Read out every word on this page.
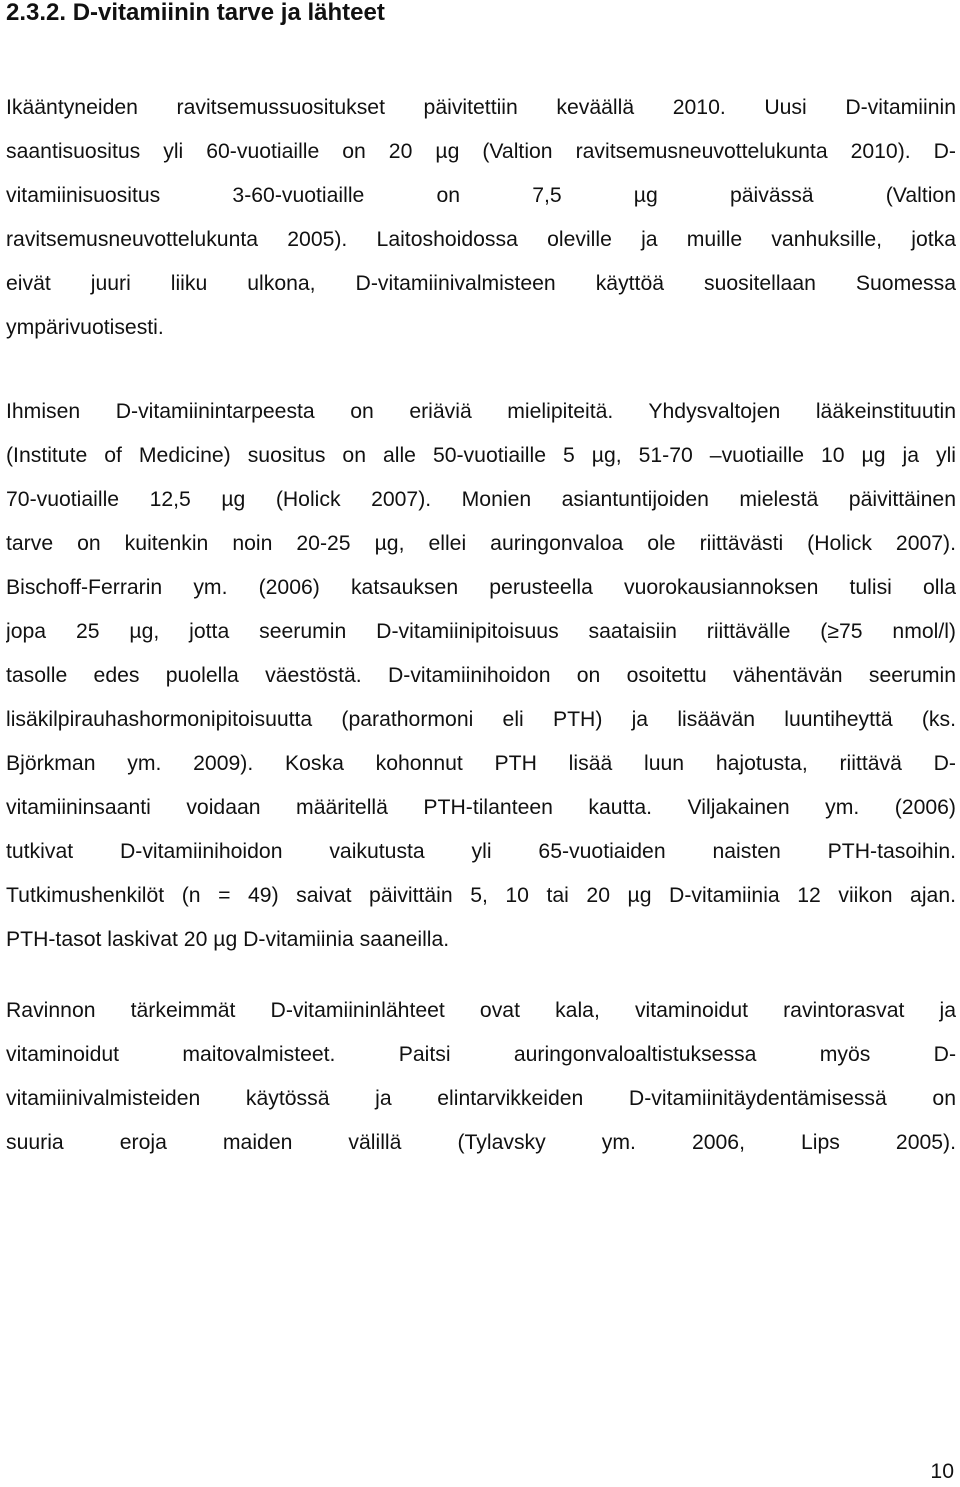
2.3.2. D-vitamiinin tarve ja lähteet
Ikääntyneiden ravitsemussuositukset päivitettiin keväällä 2010. Uusi D-vitamiinin
saantisuositus yli 60-vuotiaille on 20 µg (Valtion ravitsemusneuvottelukunta 2010). D-
vitamiinisuositus 3-60-vuotiaille on 7,5 µg päivässä (Valtion
ravitsemusneuvottelukunta 2005). Laitoshoidossa oleville ja muille vanhuksille, jotka
eivät juuri liiku ulkona, D-vitamiinivalmisteen käyttöä suositellaan Suomessa
ympärivuotisesti.
Ihmisen D-vitamiinintarpeesta on eriäviä mielipiteitä. Yhdysvaltojen lääkeinstituutin
(Institute of Medicine) suositus on alle 50-vuotiaille 5 µg, 51-70 –vuotiaille 10 µg ja yli
70-vuotiaille 12,5 µg (Holick 2007). Monien asiantuntijoiden mielestä päivittäinen
tarve on kuitenkin noin 20-25 µg, ellei auringonvaloa ole riittävästi (Holick 2007).
Bischoff-Ferrarin ym. (2006) katsauksen perusteella vuorokausiannoksen tulisi olla
jopa 25 µg, jotta seerumin D-vitamiinipitoisuus saataisiin riittävälle (≥75 nmol/l)
tasolle edes puolella väestöstä. D-vitamiinihoidon on osoitettu vähentävän seerumin
lisäkilpirauhashormonipitoisuutta (parathormoni eli PTH) ja lisäävän luuntiheyttä (ks.
Björkman ym. 2009). Koska kohonnut PTH lisää luun hajotusta, riittävä D-
vitamiininsaanti voidaan määritellä PTH-tilanteen kautta. Viljakainen ym. (2006)
tutkivat D-vitamiinihoidon vaikutusta yli 65-vuotiaiden naisten PTH-tasoihin.
Tutkimushenkilöt (n = 49) saivat päivittäin 5, 10 tai 20 µg D-vitamiinia 12 viikon ajan.
PTH-tasot laskivat 20 µg D-vitamiinia saaneilla.
Ravinnon tärkeimmät D-vitamiininlähteet ovat kala, vitaminoidut ravintorasvat ja
vitaminoidut maitovalmisteet. Paitsi auringonvaloaltistuksessa myös D-
vitamiinivalmisteiden käytössä ja elintarvikkeiden D-vitamiinitäydentämisessä on
suuria eroja maiden välillä (Tylavsky ym. 2006, Lips 2005).
10
